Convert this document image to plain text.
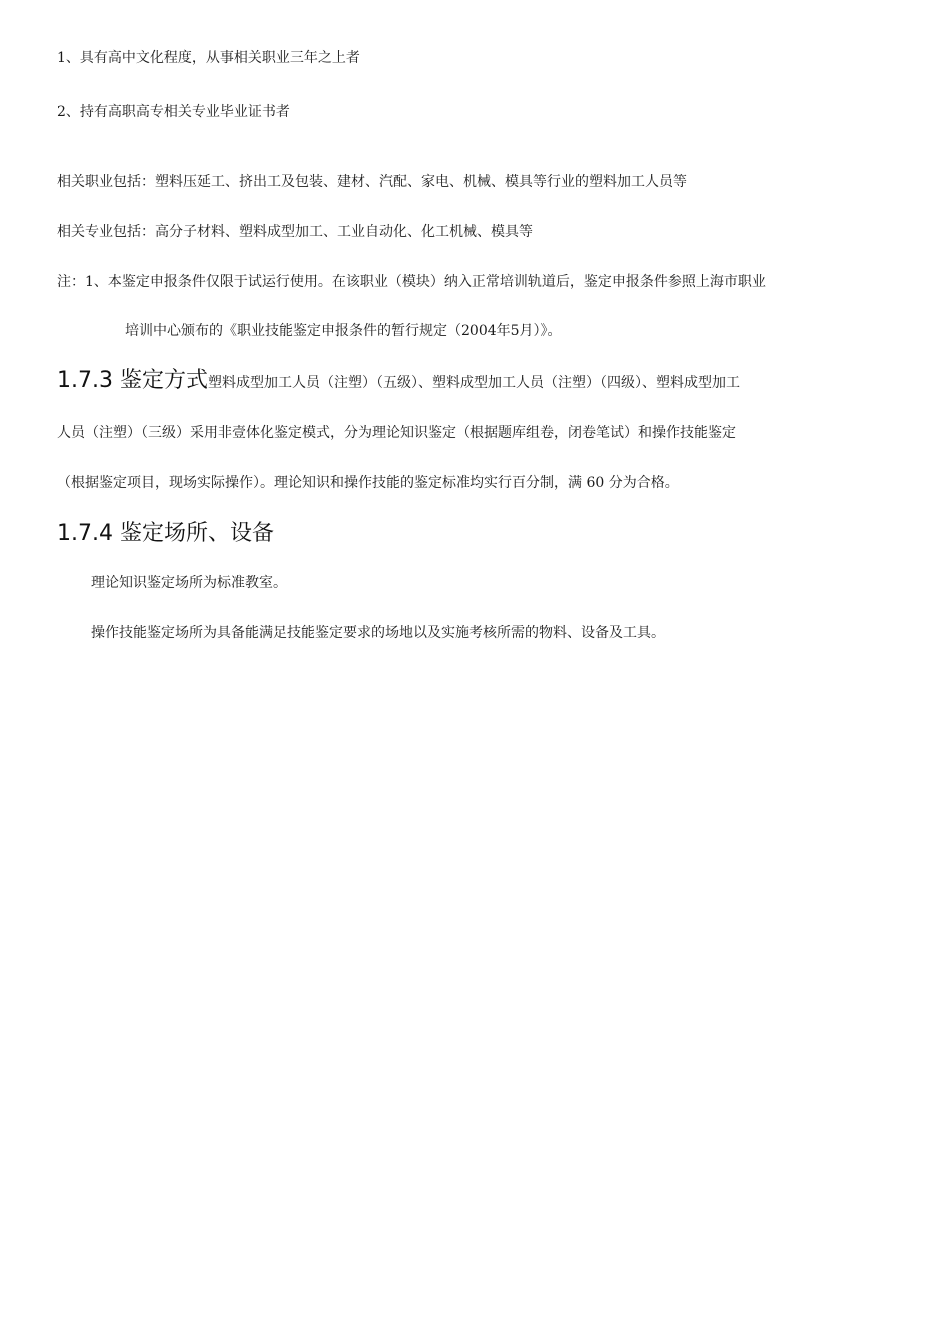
1、具有高中文化程度，从事相关职业三年之上者
2、持有高职高专相关专业毕业证书者
相关职业包括：塑料压延工、挤出工及包装、建材、汽配、家电、机械、模具等行业的塑料加工人员等
相关专业包括：高分子材料、塑料成型加工、工业自动化、化工机械、模具等
注：1、本鉴定申报条件仅限于试运行使用。在该职业（模块）纳入正常培训轨道后，鉴定申报条件参照上海市职业
培训中心颁布的《职业技能鉴定申报条件的暂行规定（2004年5月）》。
1.7.3 鉴定方式塑料成型加工人员（注塑）（五级）、塑料成型加工人员（注塑）（四级）、塑料成型加工
人员（注塑）（三级）采用非壹体化鉴定模式，分为理论知识鉴定（根据题库组卷，闭卷笔试）和操作技能鉴定
（根据鉴定项目，现场实际操作）。理论知识和操作技能的鉴定标准均实行百分制，满 60 分为合格。
1.7.4 鉴定场所、设备
理论知识鉴定场所为标准教室。
操作技能鉴定场所为具备能满足技能鉴定要求的场地以及实施考核所需的物料、设备及工具。
